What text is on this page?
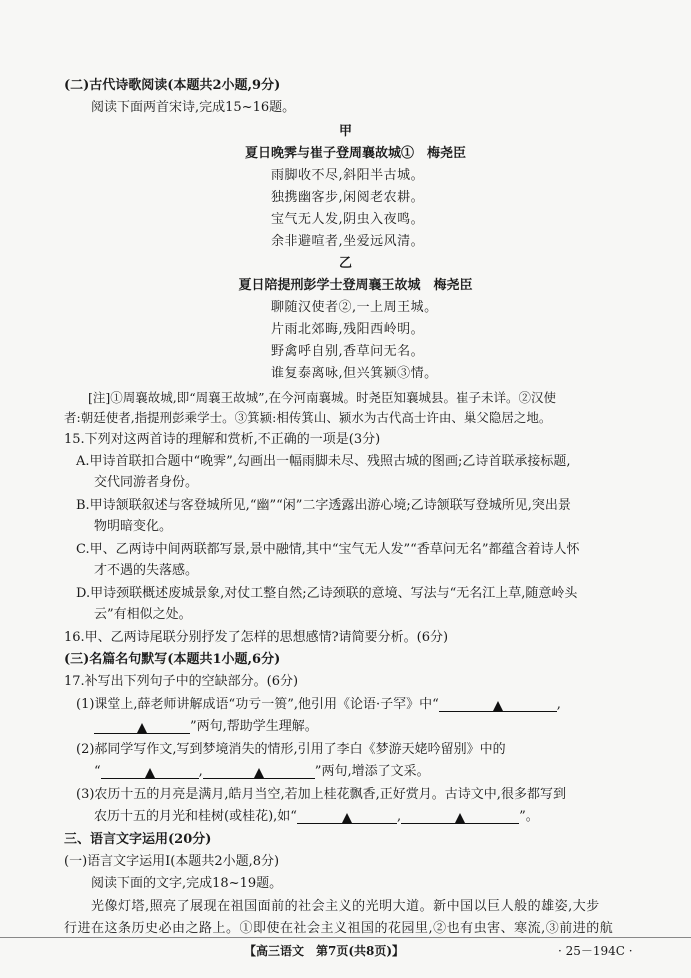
(二)古代诗歌阅读(本题共2小题,9分)
阅读下面两首宋诗,完成15~16题。
甲
夏日晚霁与崔子登周襄故城①　梅尧臣
雨脚收不尽,斜阳半古城。
独携幽客步,闲阅老农耕。
宝气无人发,阴虫入夜鸣。
余非避喧者,坐爱远风清。
乙
夏日陪提刑彭学士登周襄王故城　梅尧臣
聊随汉使者②,一上周王城。
片雨北郊晦,残阳西岭明。
野禽呼自别,香草问无名。
谁复泰离咏,但兴箕颍③情。
[注]①周襄故城,即“周襄王故城”,在今河南襄城。时尧臣知襄城县。崔子未详。②汉使
者:朝廷使者,指提刑彭乘学士。③箕颍:相传箕山、颍水为古代高士许由、巢父隐居之地。
15.下列对这两首诗的理解和赏析,不正确的一项是(3分)
A.甲诗首联扣合题中“晚霁”,勾画出一幅雨脚未尽、残照古城的图画;乙诗首联承接标题,
交代同游者身份。
B.甲诗颔联叙述与客登城所见,“幽”“闲”二字透露出游心境;乙诗颔联写登城所见,突出景
物明暗变化。
C.甲、乙两诗中间两联都写景,景中融情,其中“宝气无人发”“香草问无名”都蕴含着诗人怀
才不遇的失落感。
D.甲诗颈联概述废城景象,对仗工整自然;乙诗颈联的意境、写法与“无名江上草,随意岭头
云”有相似之处。
16.甲、乙两诗尾联分别抒发了怎样的思想感情?请简要分析。(6分)
(三)名篇名句默写(本题共1小题,6分)
17.补写出下列句子中的空缺部分。(6分)
(1)课堂上,薛老师讲解成语“功亏一篑”,他引用《论语·子罕》中“	,
”两句,帮助学生理解。
(2)郝同学写作文,写到梦境消失的情形,引用了李白《梦游天姥吟留别》中的
“	,	”两句,增添了文采。
(3)农历十五的月亮是满月,皓月当空,若加上桂花飘香,正好赏月。古诗文中,很多都写到
农历十五的月光和桂树(或桂花),如“	,	”。
三、语言文字运用(20分)
(一)语言文字运用Ⅰ(本题共2小题,8分)
阅读下面的文字,完成18~19题。
光像灯塔,照亮了展现在祖国面前的社会主义的光明大道。新中国以巨人般的雄姿,大步
行进在这条历史必由之路上。①即使在社会主义祖国的花园里,②也有虫害、寒流,③前进的航
【高三语文　第7页(共8页)】	· 25－194C ·
